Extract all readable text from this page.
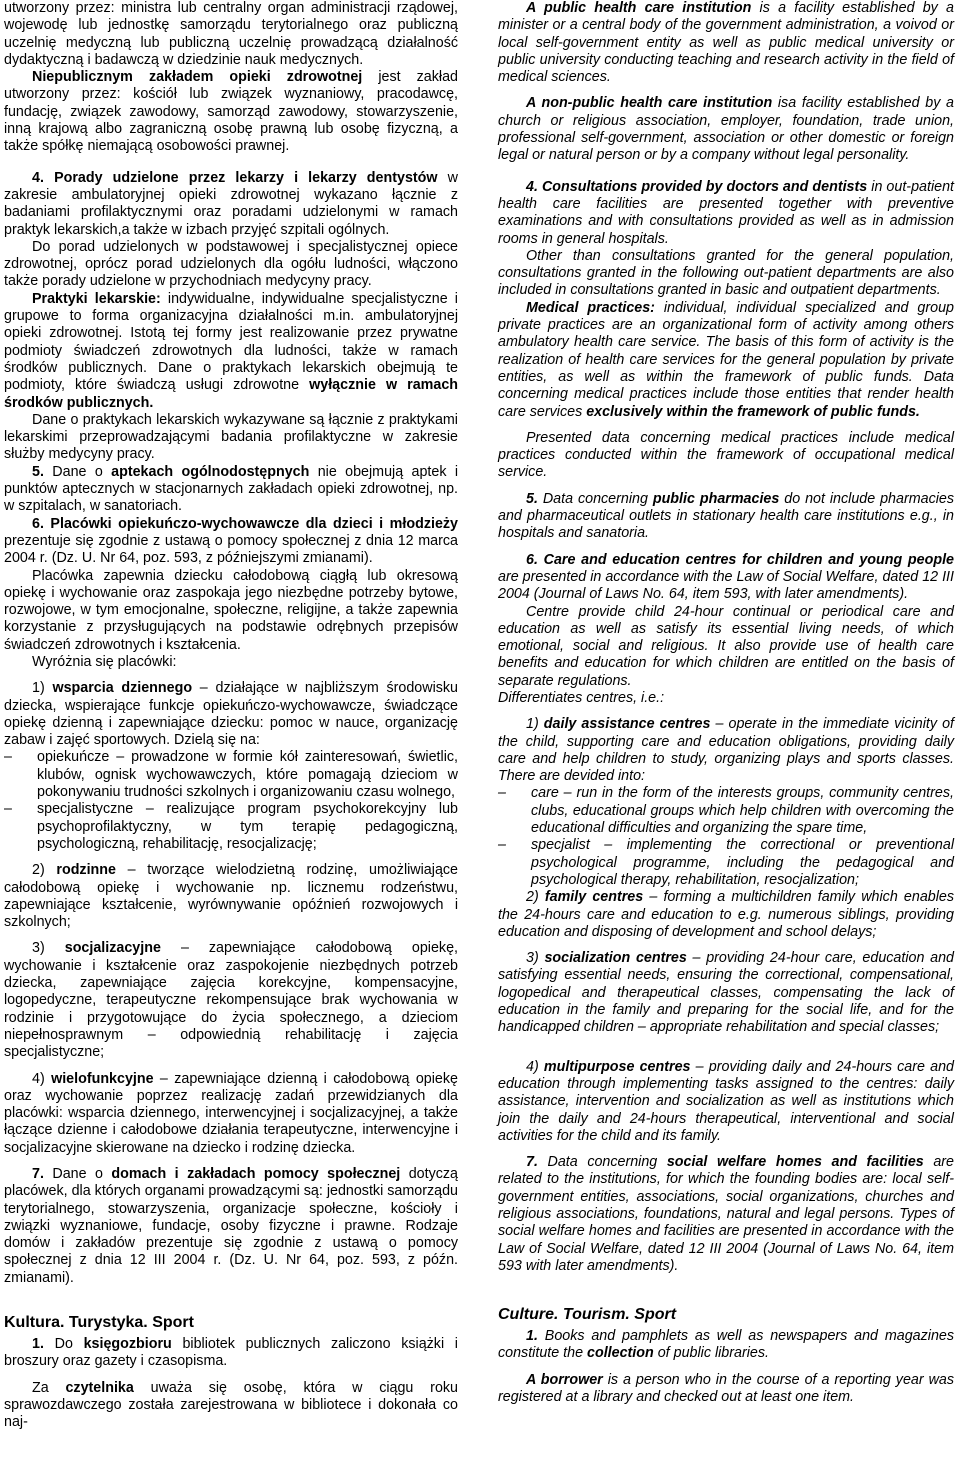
utworzony przez: ministra lub centralny organ administracji rządowej, wojewodę lub jednostkę samorządu terytorialnego oraz publiczną uczelnię medyczną lub publiczną uczelnię prowadzącą działalność dydaktyczną i badawczą w dziedzinie nauk medycznych.

Niepublicznym zakładem opieki zdrowotnej jest zakład utworzony przez: kościół lub związek wyznaniowy, pracodawcę, fundację, związek zawodowy, samorząd zawodowy, stowarzyszenie, inną krajową albo zagraniczną osobę prawną lub osobę fizyczną, a także spółkę niemającą osobowości prawnej.

4. Porady udzielone przez lekarzy i lekarzy dentystów w zakresie ambulatoryjnej opieki zdrowotnej wykazano łącznie z badaniami profilaktycznymi oraz poradami udzielonymi w ramach praktyk lekarskich,a także w izbach przyjęć szpitali ogólnych.

Do porad udzielonych w podstawowej i specjalistycznej opiece zdrowotnej, oprócz porad udzielonych dla ogółu ludności, włączono także porady udzielone w przychodniach medycyny pracy.

Praktyki lekarskie: indywidualne, indywidualne specjalistyczne i grupowe to forma organizacyjna działalności m.in. ambulatoryjnej opieki zdrowotnej. Istotą tej formy jest realizowanie przez prywatne podmioty świadczeń zdrowotnych dla ludności, także w ramach środków publicznych. Dane o praktykach lekarskich obejmują te podmioty, które świadczą usługi zdrowotne wyłącznie w ramach środków publicznych.

Dane o praktykach lekarskich wykazywane są łącznie z praktykami lekarskimi przeprowadzającymi badania profilaktyczne w zakresie służby medycyny pracy.

5. Dane o aptekach ogólnodostępnych nie obejmują aptek i punktów aptecznych w stacjonarnych zakładach opieki zdrowotnej, np. w szpitalach, w sanatoriach.

6. Placówki opiekuńczo-wychowawcze dla dzieci i młodzieży prezentuje się zgodnie z ustawą o pomocy społecznej z dnia 12 marca 2004 r. (Dz. U. Nr 64, poz. 593, z późniejszymi zmianami).

Placówka zapewnia dziecku całodobową ciągłą lub okresową opiekę i wychowanie oraz zaspokaja jego niezbędne potrzeby bytowe, rozwojowe, w tym emocjonalne, społeczne, religijne, a także zapewnia korzystanie z przysługujących na podstawie odrębnych przepisów świadczeń zdrowotnych i kształcenia.

Wyróżnia się placówki:

1) wsparcia dziennego – działające w najbliższym środowisku dziecka, wspierające funkcje opiekuńczo-wychowawcze, świadczące opiekę dzienną i zapewniające dziecku: pomoc w nauce, organizację zabaw i zajęć sportowych. Dzielą się na:

– opiekuńcze – prowadzone w formie kół zainteresowań, świetlic, klubów, ognisk wychowawczych, które pomagają dzieciom w pokonywaniu trudności szkolnych i organizowaniu czasu wolnego,
– specjalistyczne – realizujące program psychokorekcyjny lub psychoprofilaktyczny, w tym terapię pedagogiczną, psychologiczną, rehabilitację, resocjalizację;

2) rodzinne – tworzące wielodzietną rodzinę, umożliwiające całodobową opiekę i wychowanie np. licznemu rodzeństwu, zapewniające kształcenie, wyrównywanie opóźnień rozwojowych i szkolnych;

3) socjalizacyjne – zapewniające całodobową opiekę, wychowanie i kształcenie oraz zaspokojenie niezbędnych potrzeb dziecka, zapewniające zajęcia korekcyjne, kompensacyjne, logopedyczne, terapeutyczne rekompensujące brak wychowania w rodzinie i przygotowujące do życia społecznego, a dzieciom niepełnosprawnym – odpowiednią rehabilitację i zajęcia specjalistyczne;

4) wielofunkcyjne – zapewniające dzienną i całodobową opiekę oraz wychowanie poprzez realizację zadań przewidzianych dla placówki: wsparcia dziennego, interwencyjnej i socjalizacyjnej, a także łączące dzienne i całodobowe działania terapeutyczne, interwencyjne i socjalizacyjne skierowane na dziecko i rodzinę dziecka.

7. Dane o domach i zakładach pomocy społecznej dotyczą placówek, dla których organami prowadzącymi są: jednostki samorządu terytorialnego, stowarzyszenia, organizacje społeczne, kościoły i związki wyznaniowe, fundacje, osoby fizyczne i prawne. Rodzaje domów i zakładów prezentuje się zgodnie z ustawą o pomocy społecznej z dnia 12 III 2004 r. (Dz. U. Nr 64, poz. 593, z późn. zmianami).

Kultura. Turystyka. Sport

1. Do księgozbioru bibliotek publicznych zaliczono książki i broszury oraz gazety i czasopisma.

Za czytelnika uważa się osobę, która w ciągu roku sprawozdawczego została zarejestrowana w bibliotece i dokonała co naj-

A public health care institution is a facility established by a minister or a central body of the government administration, a voivod or local self-government entity as well as public medical university or public university conducting teaching and research activity in the field of medical sciences.

A non-public health care institution isa facility established by a church or religious association, employer, foundation, trade union, professional self-government, association or other domestic or foreign legal or natural person or by a company without legal personality.

4. Consultations provided by doctors and dentists in out-patient health care facilities are presented together with preventive examinations and with consultations provided as well as in admission rooms in general hospitals.

Other than consultations granted for the general population, consultations granted in the following out-patient departments are also included in consultations granted in basic and outpatient departments.

Medical practices: individual, individual specialized and group private practices are an organizational form of activity among others ambulatory health care service. The basis of this form of activity is the realization of health care services for the general population by private entities, as well as within the framework of public funds. Data concerning medical practices include those entities that render health care services exclusively within the framework of public funds.

Presented data concerning medical practices include medical practices conducted within the framework of occupational medical service.

5. Data concerning public pharmacies do not include pharmacies and pharmaceutical outlets in stationary health care institutions e.g., in hospitals and sanatoria.

6. Care and education centres for children and young people are presented in accordance with the Law of Social Welfare, dated 12 III 2004 (Journal of Laws No. 64, item 593, with later amendments).

Centre provide child 24-hour continual or periodical care and education as well as satisfy its essential living needs, of which emotional, social and religious. It also provide use of health care benefits and education for which children are entitled on the basis of separate regulations.

Differentiates centres, i.e.:

1) daily assistance centres – operate in the immediate vicinity of the child, supporting care and education obligations, providing daily care and help children to study, organizing plays and sports classes. There are devided into:

– care – run in the form of the interests groups, community centres, clubs, educational groups which help children with overcoming the educational difficulties and organizing the spare time,
– specjalist – implementing the correctional or preventional psychological programme, including the pedagogical and psychological therapy, rehabilitation, resocjalization;

2) family centres – forming a multichildren family which enables the 24-hours care and education to e.g. numerous siblings, providing education and disposing of development and school delays;

3) socialization centres – providing 24-hour care, education and satisfying essential needs, ensuring the correctional, compensational, logopedical and therapeutical classes, compensating the lack of education in the family and preparing for the social life, and for the handicapped children – appropriate rehabilitation and special classes;

4) multipurpose centres – providing daily and 24-hours care and education through implementing tasks assigned to the centres: daily assistance, intervention and socialization as well as institutions which join the daily and 24-hours therapeutical, interventional and social activities for the child and its family.

7. Data concerning social welfare homes and facilities are related to the institutions, for which the founding bodies are: local self-government entities, associations, social organizations, churches and religious associations, foundations, natural and legal persons. Types of social welfare homes and facilities are presented in accordance with the Law of Social Welfare, dated 12 III 2004 (Journal of Laws No. 64, item 593 with later amendments).

Culture. Tourism. Sport

1. Books and pamphlets as well as newspapers and magazines constitute the collection of public libraries.

A borrower is a person who in the course of a reporting year was registered at a library and checked out at least one item.
